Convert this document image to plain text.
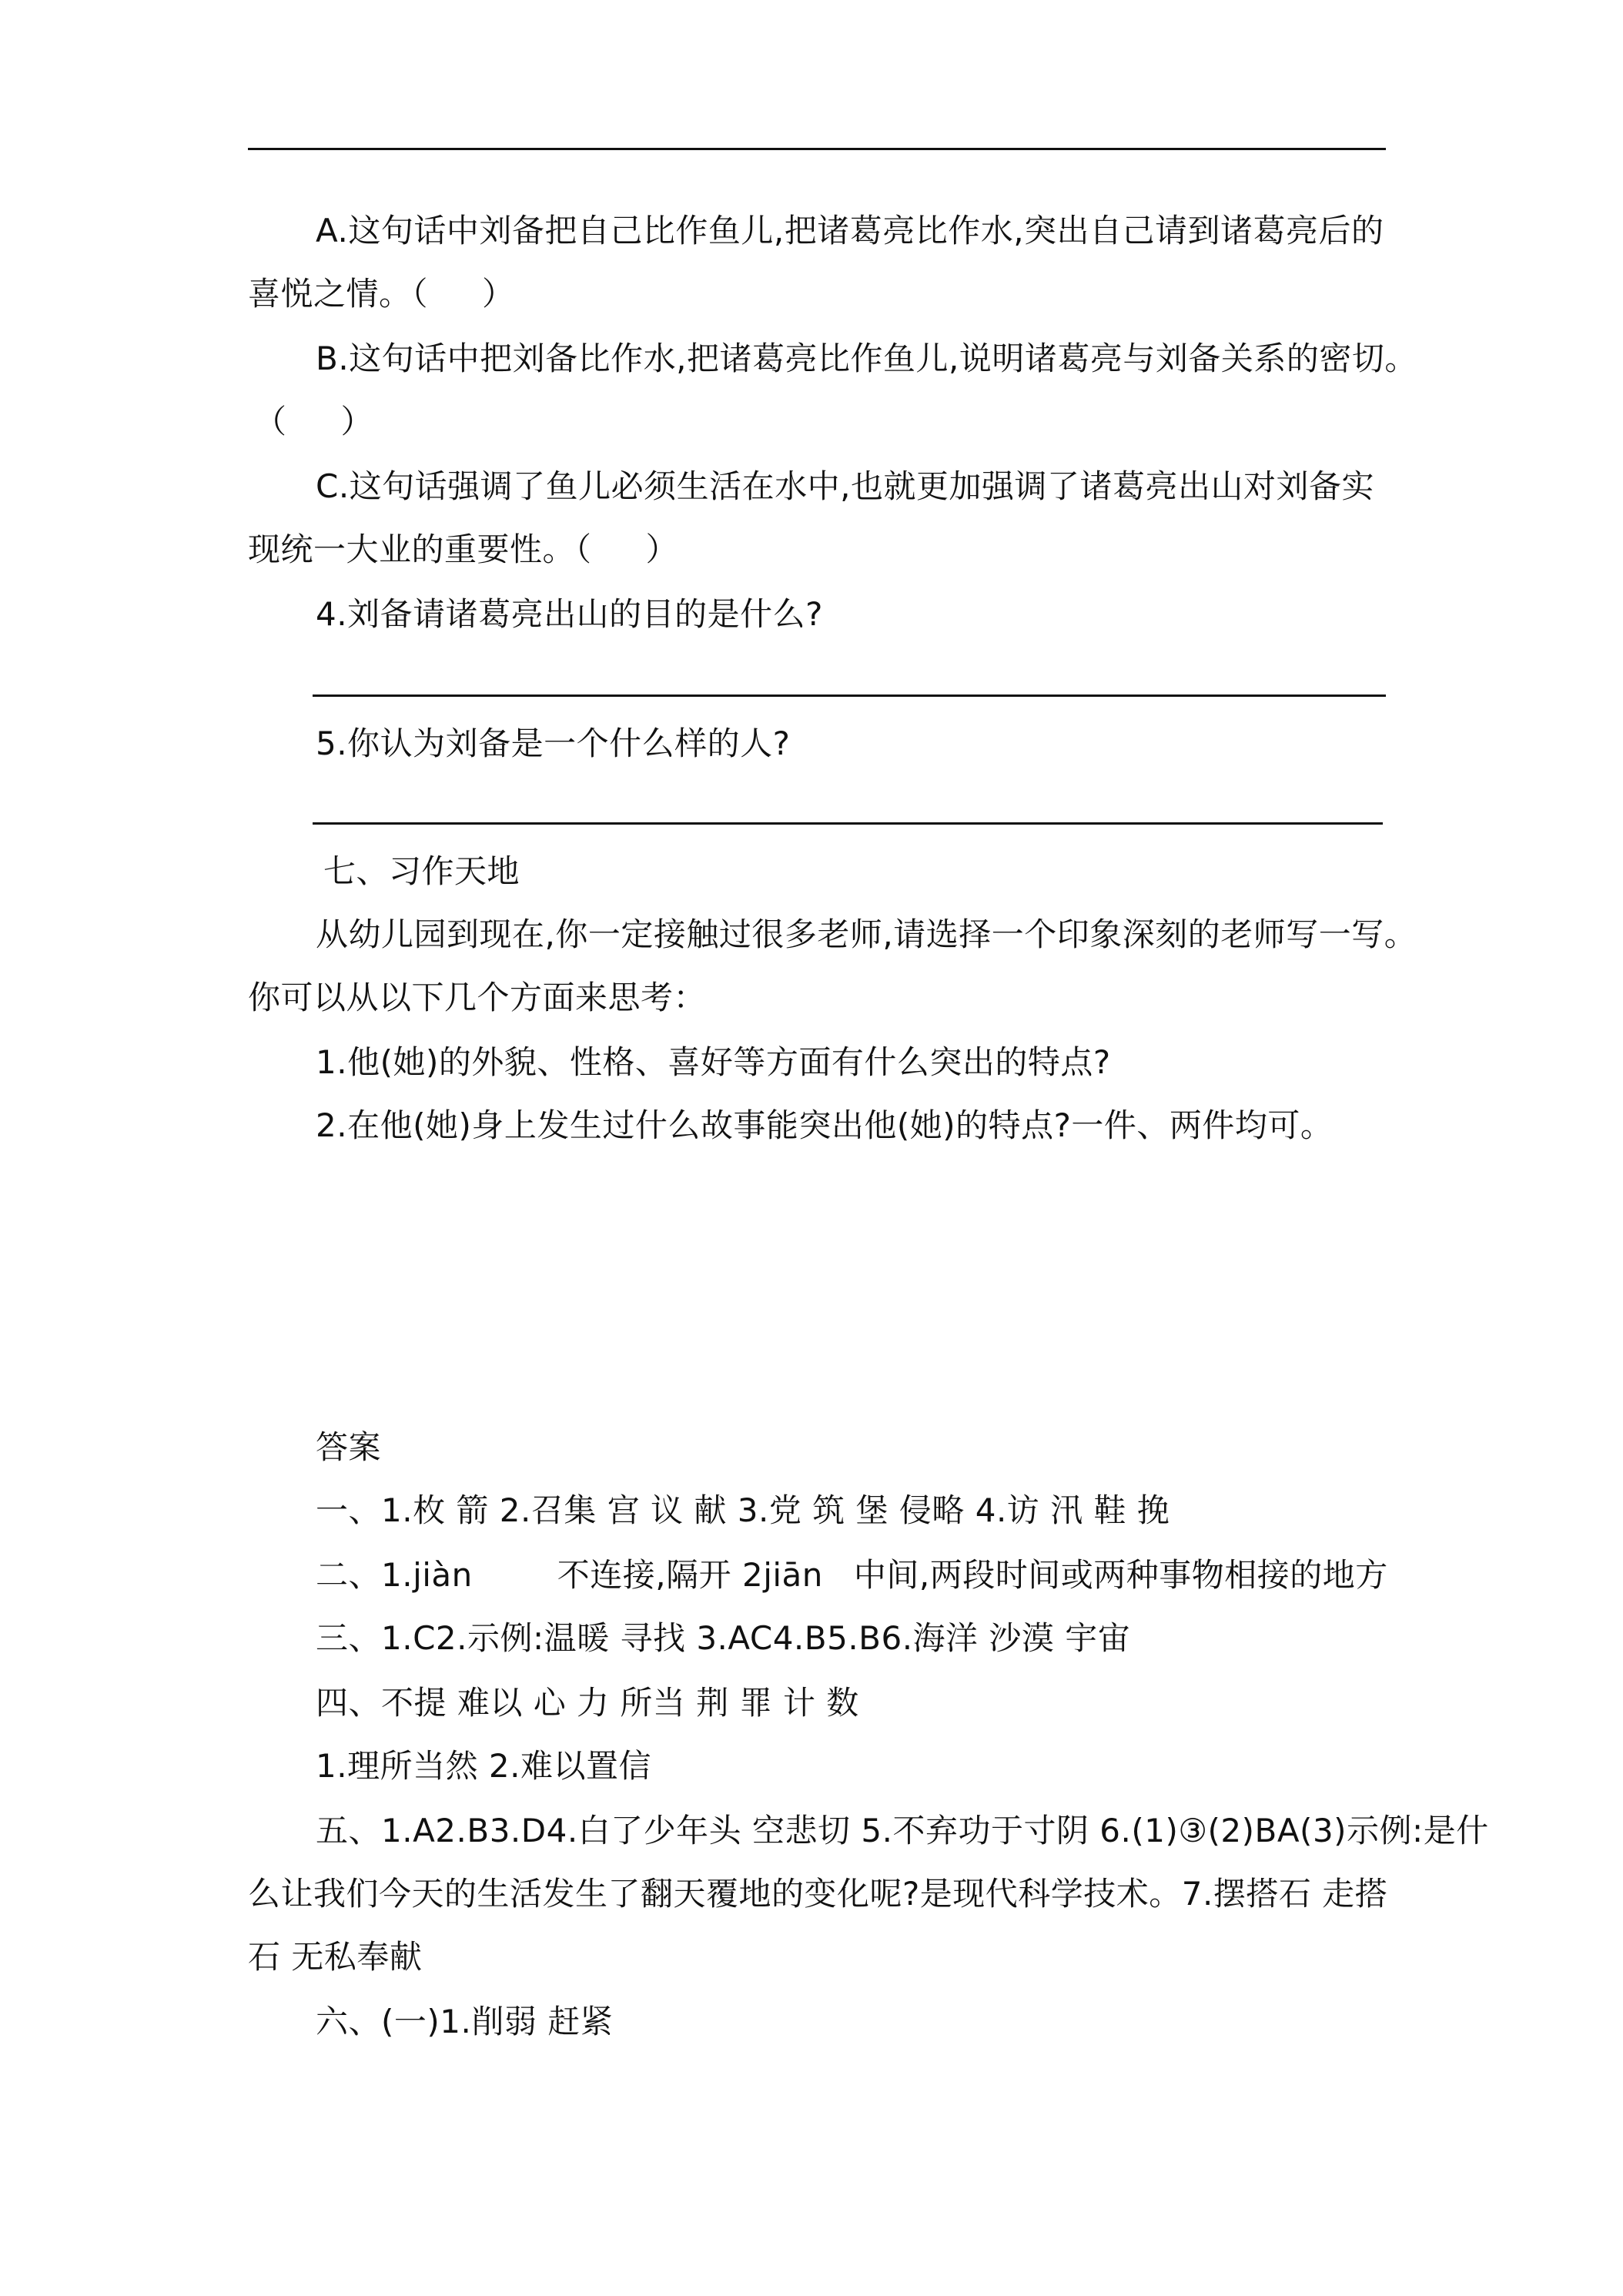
A.这句话中刘备把自己比作鱼儿,把诸葛亮比作水,突出自己请到诸葛亮后的
喜悦之情。（ ）
B.这句话中把刘备比作水,把诸葛亮比作鱼儿,说明诸葛亮与刘备关系的密切。
（ ）
C.这句话强调了鱼儿必须生活在水中,也就更加强调了诸葛亮出山对刘备实
现统一大业的重要性。（ ）
4.刘备请诸葛亮出山的目的是什么?
5.你认为刘备是一个什么样的人?
七、习作天地
从幼儿园到现在,你一定接触过很多老师,请选择一个印象深刻的老师写一写。
你可以从以下几个方面来思考：
1.他(她)的外貌、性格、喜好等方面有什么突出的特点?
2.在他(她)身上发生过什么故事能突出他(她)的特点?一件、两件均可。
答案
一、1.枚 箭 2.召集 宫 议 献 3.党 筑 堡 侵略 4.访 汛 鞋 挽
二、1.jiàn	不连接,隔开 2jiān 中间,两段时间或两种事物相接的地方
三、1.C2.示例:温暖 寻找 3.AC4.B5.B6.海洋 沙漠 宇宙
四、不提 难以 心 力 所当 荆 罪 计 数
1.理所当然 2.难以置信
五、1.A2.B3.D4.白了少年头 空悲切 5.不弃功于寸阴 6.(1)③(2)BA(3)示例:是什
么让我们今天的生活发生了翻天覆地的变化呢?是现代科学技术。7.摆搭石 走搭
石 无私奉献
六、(一)1.削弱 赶紧
